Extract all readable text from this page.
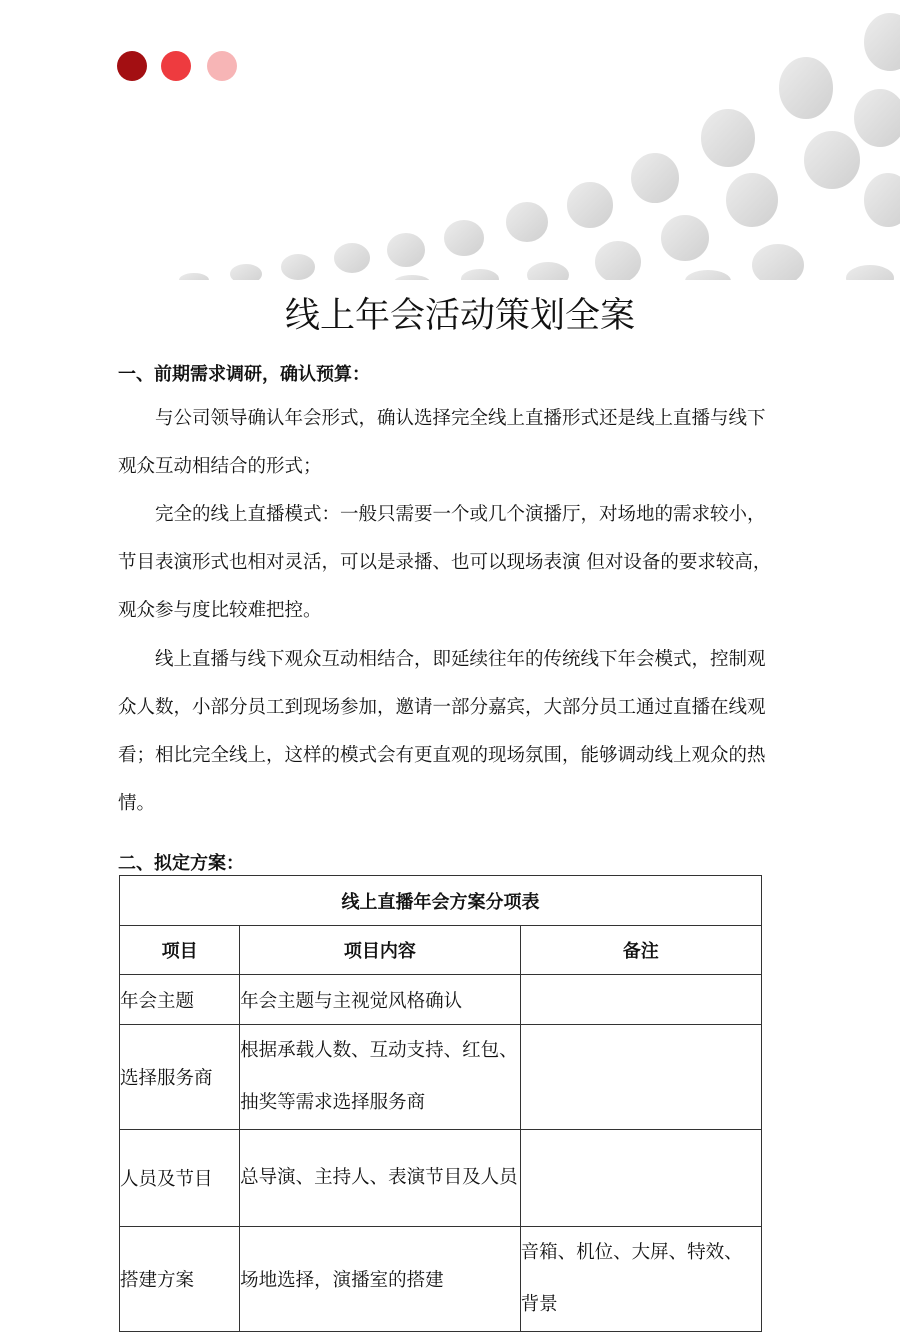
线上年会活动策划全案
一、前期需求调研，确认预算：

与公司领导确认年会形式，确认选择完全线上直播形式还是线上直播与线下观众互动相结合的形式；

完全的线上直播模式：一般只需要一个或几个演播厅，对场地的需求较小，节目表演形式也相对灵活，可以是录播、也可以现场表演 但对设备的要求较高，观众参与度比较难把控。

线上直播与线下观众互动相结合，即延续往年的传统线下年会模式，控制观众人数，小部分员工到现场参加，邀请一部分嘉宾，大部分员工通过直播在线观看；相比完全线上，这样的模式会有更直观的现场氛围，能够调动线上观众的热情。

二、拟定方案：
线上直播年会方案分项表		
项目	项目内容	备注
年会主题	年会主题与主视觉风格确认	
选择服务商	根据承载人数、互动支持、红包、抽奖等需求选择服务商	
人员及节目	总导演、主持人、表演节目及人员	
搭建方案	场地选择，演播室的搭建	音箱、机位、大屏、特效、背景
